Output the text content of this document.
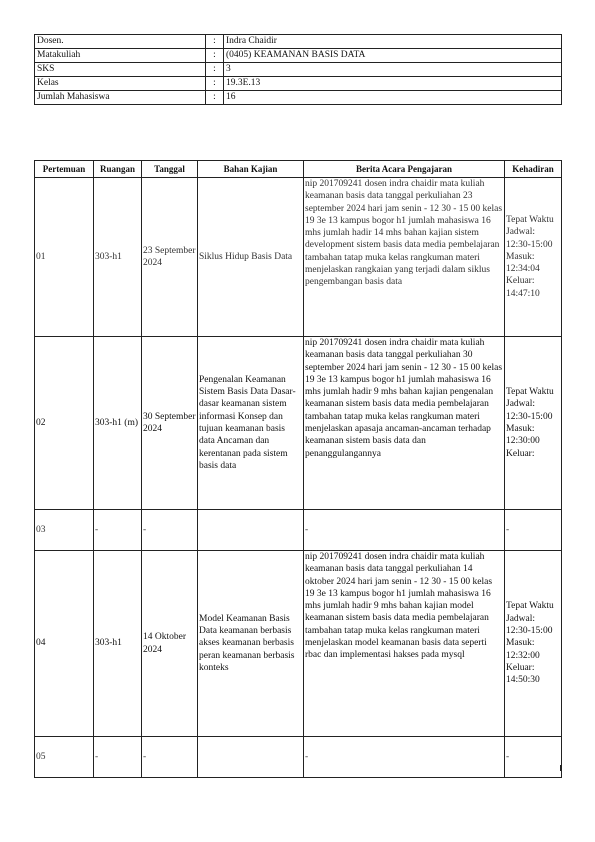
Dosen.	:	Indra Chaidir
Matakuliah	:	(0405) KEAMANAN BASIS DATA
SKS	:	3
Kelas	:	19.3E.13
Jumlah Mahasiswa	:	16
Pertemuan	Ruangan	Tanggal	Bahan Kajian	Berita Acara Pengajaran	Kehadiran
01	303-h1	23 September 2024	Siklus Hidup Basis Data	nip 201709241 dosen indra chaidir mata kuliah keamanan basis data tanggal perkuliahan 23 september 2024 hari jam senin - 12 30 - 15 00 kelas 19 3e 13 kampus bogor h1 jumlah mahasiswa 16 mhs jumlah hadir 14 mhs bahan kajian sistem development sistem basis data media pembelajaran tambahan tatap muka kelas rangkuman materi menjelaskan rangkaian yang terjadi dalam siklus pengembangan basis data	Tepat Waktu Jadwal: 12:30-15:00 Masuk: 12:34:04 Keluar: 14:47:10
02	303-h1 (m)	30 September 2024	Pengenalan Keamanan Sistem Basis Data Dasar-dasar keamanan sistem informasi Konsep dan tujuan keamanan basis data Ancaman dan kerentanan pada sistem basis data	nip 201709241 dosen indra chaidir mata kuliah keamanan basis data tanggal perkuliahan 30 september 2024 hari jam senin - 12 30 - 15 00 kelas 19 3e 13 kampus bogor h1 jumlah mahasiswa 16 mhs jumlah hadir 9 mhs bahan kajian pengenalan keamanan sistem basis data media pembelajaran tambahan tatap muka kelas rangkuman materi menjelaskan apasaja ancaman-ancaman terhadap keamanan sistem basis data dan penanggulangannya	Tepat Waktu Jadwal: 12:30-15:00 Masuk: 12:30:00 Keluar:
03	-	-		-	-
04	303-h1	14 Oktober 2024	Model Keamanan Basis Data keamanan berbasis akses keamanan berbasis peran keamanan berbasis konteks	nip 201709241 dosen indra chaidir mata kuliah keamanan basis data tanggal perkuliahan 14 oktober 2024 hari jam senin - 12 30 - 15 00 kelas 19 3e 13 kampus bogor h1 jumlah mahasiswa 16 mhs jumlah hadir 9 mhs bahan kajian model keamanan sistem basis data media pembelajaran tambahan tatap muka kelas rangkuman materi menjelaskan model keamanan basis data seperti rbac dan implementasi hakses pada mysql	Tepat Waktu Jadwal: 12:30-15:00 Masuk: 12:32:00 Keluar: 14:50:30
05	-	-		-	-
